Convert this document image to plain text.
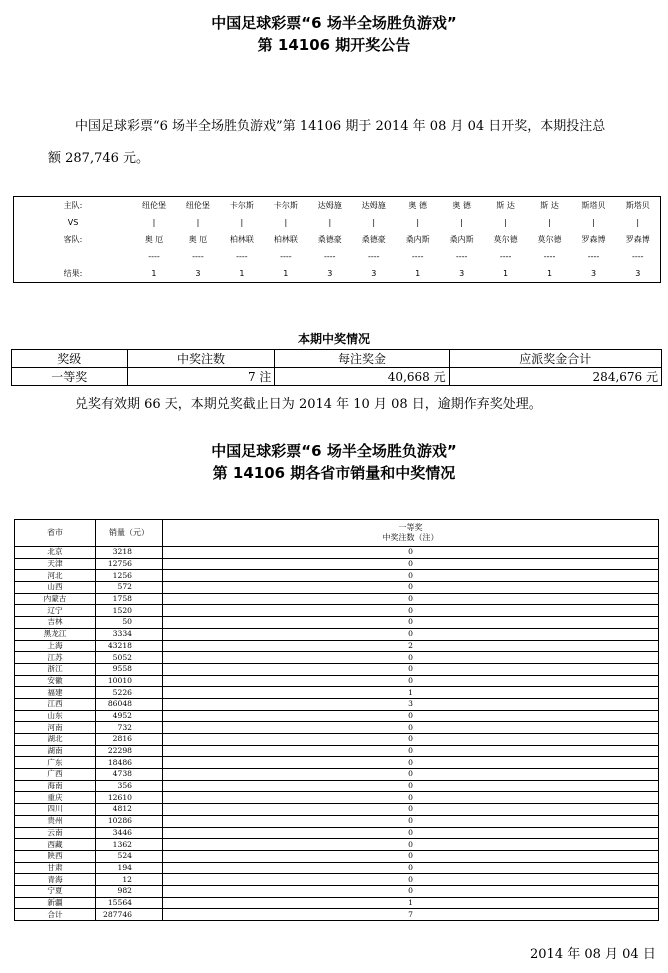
中国足球彩票“6 场半全场胜负游戏”
第 14106 期开奖公告
中国足球彩票“6 场半全场胜负游戏”第 14106 期于 2014 年 08 月 04 日开奖，本期投注总
额 287,746 元。
主队:	纽伦堡	纽伦堡	卡尔斯	卡尔斯	达姆施	达姆施	奥 德	奥 德	斯 达	斯 达	斯塔贝	斯塔贝
VS	|	|	|	|	|	|	|	|	|	|	|	|
客队:	奥 厄	奥 厄	柏林联	柏林联	桑德豪	桑德豪	桑内斯	桑内斯	莫尔德	莫尔德	罗森博	罗森博
	----	----	----	----	----	----	----	----	----	----	----	----
结果:	1	3	1	1	3	3	1	3	1	1	3	3
本期中奖情况
奖级	中奖注数	每注奖金	应派奖金合计
一等奖	7 注	40,668 元	284,676 元
兑奖有效期 66 天，本期兑奖截止日为 2014 年 10 月 08 日，逾期作弃奖处理。
中国足球彩票“6 场半全场胜负游戏”
第 14106 期各省市销量和中奖情况
省市	销量（元）	一等奖
中奖注数（注）

北京	3218	0
天津	12756	0
河北	1256	0
山西	572	0
内蒙古	1758	0
辽宁	1520	0
吉林	50	0
黑龙江	3334	0
上海	43218	2
江苏	5052	0
浙江	9558	0
安徽	10010	0
福建	5226	1
江西	86048	3
山东	4952	0
河南	732	0
湖北	2816	0
湖南	22298	0
广东	18486	0
广西	4738	0
海南	356	0
重庆	12610	0
四川	4812	0
贵州	10286	0
云南	3446	0
西藏	1362	0
陕西	524	0
甘肃	194	0
青海	12	0
宁夏	982	0
新疆	15564	1
合计	287746	7
2014 年 08 月 04 日
